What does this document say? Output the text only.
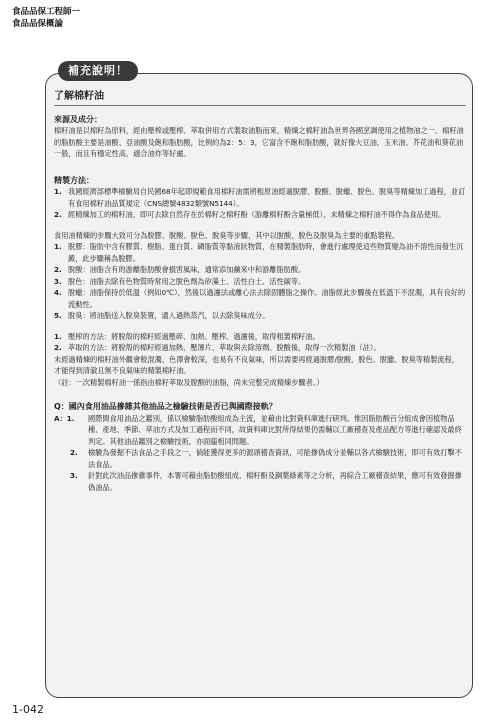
食品品保工程師一
食品品保概論
補充說明！
了解棉籽油
來源及成分：

棉籽油是以棉籽為原料，經由壓榨或壓榨、萃取併用方式製取油脂而來，精煉之棉籽油為世界各國烹調使用之植物油之一。棉籽油的脂肪酸主要是油酸、亞油酸及飽和脂肪酸，比例約為2：5：3，它富含不飽和脂肪酸，就好像大豆油、玉米油、芥花油和葵花油一般，而且有穩定性高、適合油炸等好處。

精製方法：
1. 我國經濟部標準檢驗局自民國68年起即規範食用棉籽油需將粗原油經過脫膠、脫酸、脫蠟、脫色、脫臭等精煉加工過程，並訂有食用棉籽油品質規定（CNS總號4832類號N5144）。
2. 經精煉加工的棉籽油，即可去除自然存在於棉籽之棉籽酚（游離棉籽酚含量極低），未精煉之棉籽油不得作為食品使用。

食用油精煉的步驟大致可分為脫膠、脫酸、脫色、脫臭等步驟，其中以脫酸、脫色及脫臭為主要的重點製程。

1. 脫膠：脂肪中含有膠質、樹脂、蛋白質、磷脂質等黏液狀物質，在精製脂肪時，會進行處理使這些物質變為油不溶性而發生沉澱，此步驟稱為脫膠。
2. 脫酸：油脂含有的游離脂肪酸會損害風味，通常添加鹼來中和游離脂肪酸。
3. 脫色：油脂去除有色物質時常用之脫色劑為矽藻土、活性白土、活性碳等。
4. 脫蠟：油脂保持於低溫（例如0℃），然後以過濾法或離心法去除固體脂之操作。油脂經此步驟後在低溫下不混濁，具有良好的流動性。
5. 脫臭：將油脂送入脫臭裝置，通入過熱蒸汽，以去除臭味成分。
1. 壓榨的方法：將脫殼的棉籽經過壓碎、加熱、壓榨、過濾後，取得粗製棉籽油。
2. 萃取的方法：將脫殼的棉籽經過加熱、壓薄片、萃取與去除溶劑、脫酸後，取得一次精製油（註）。

未經過精煉的棉籽油外觀會較混濁，色澤會較深，也易有不良氣味，所以需要再經過脫膠/脫酸、脫色、脫臘、脫臭等精製流程，才能得到清澈且無不良氣味的精製棉籽油。

（註：一次精製棉籽油一係指由棉籽萃取及脫酸的油脂，尚未完整完成精煉步驟者。）

Q：國內食用油品摻雜其他油品之檢驗技術是否已與國際接軌？
A：1.	國際間食用油品之鑑別，係以檢驗脂肪酸組成為主流，並藉由比對資料庫進行研判。惟因脂肪酸百分組成會因植物品種、產地、季節、萃油方式及加工過程而不同，故資料庫比對所得結果仍需輔以工廠稽查及產品配方等進行確認及最終判定。其他油品鑑別之檢驗技術，亦面臨相同問題。
2.	檢驗為發掘不法食品之手段之一，倘能獲得更多的源頭稽查資訊，可能摻偽成分並輔以各式檢驗技術，即可有效打擊不法食品。
3.	針對此次油品摻雜事件，本署可藉由脂肪酸組成、棉籽酚及銅葉綠素等之分析，再綜合工廠稽查結果，應可有效發掘摻偽油品。
1-042
